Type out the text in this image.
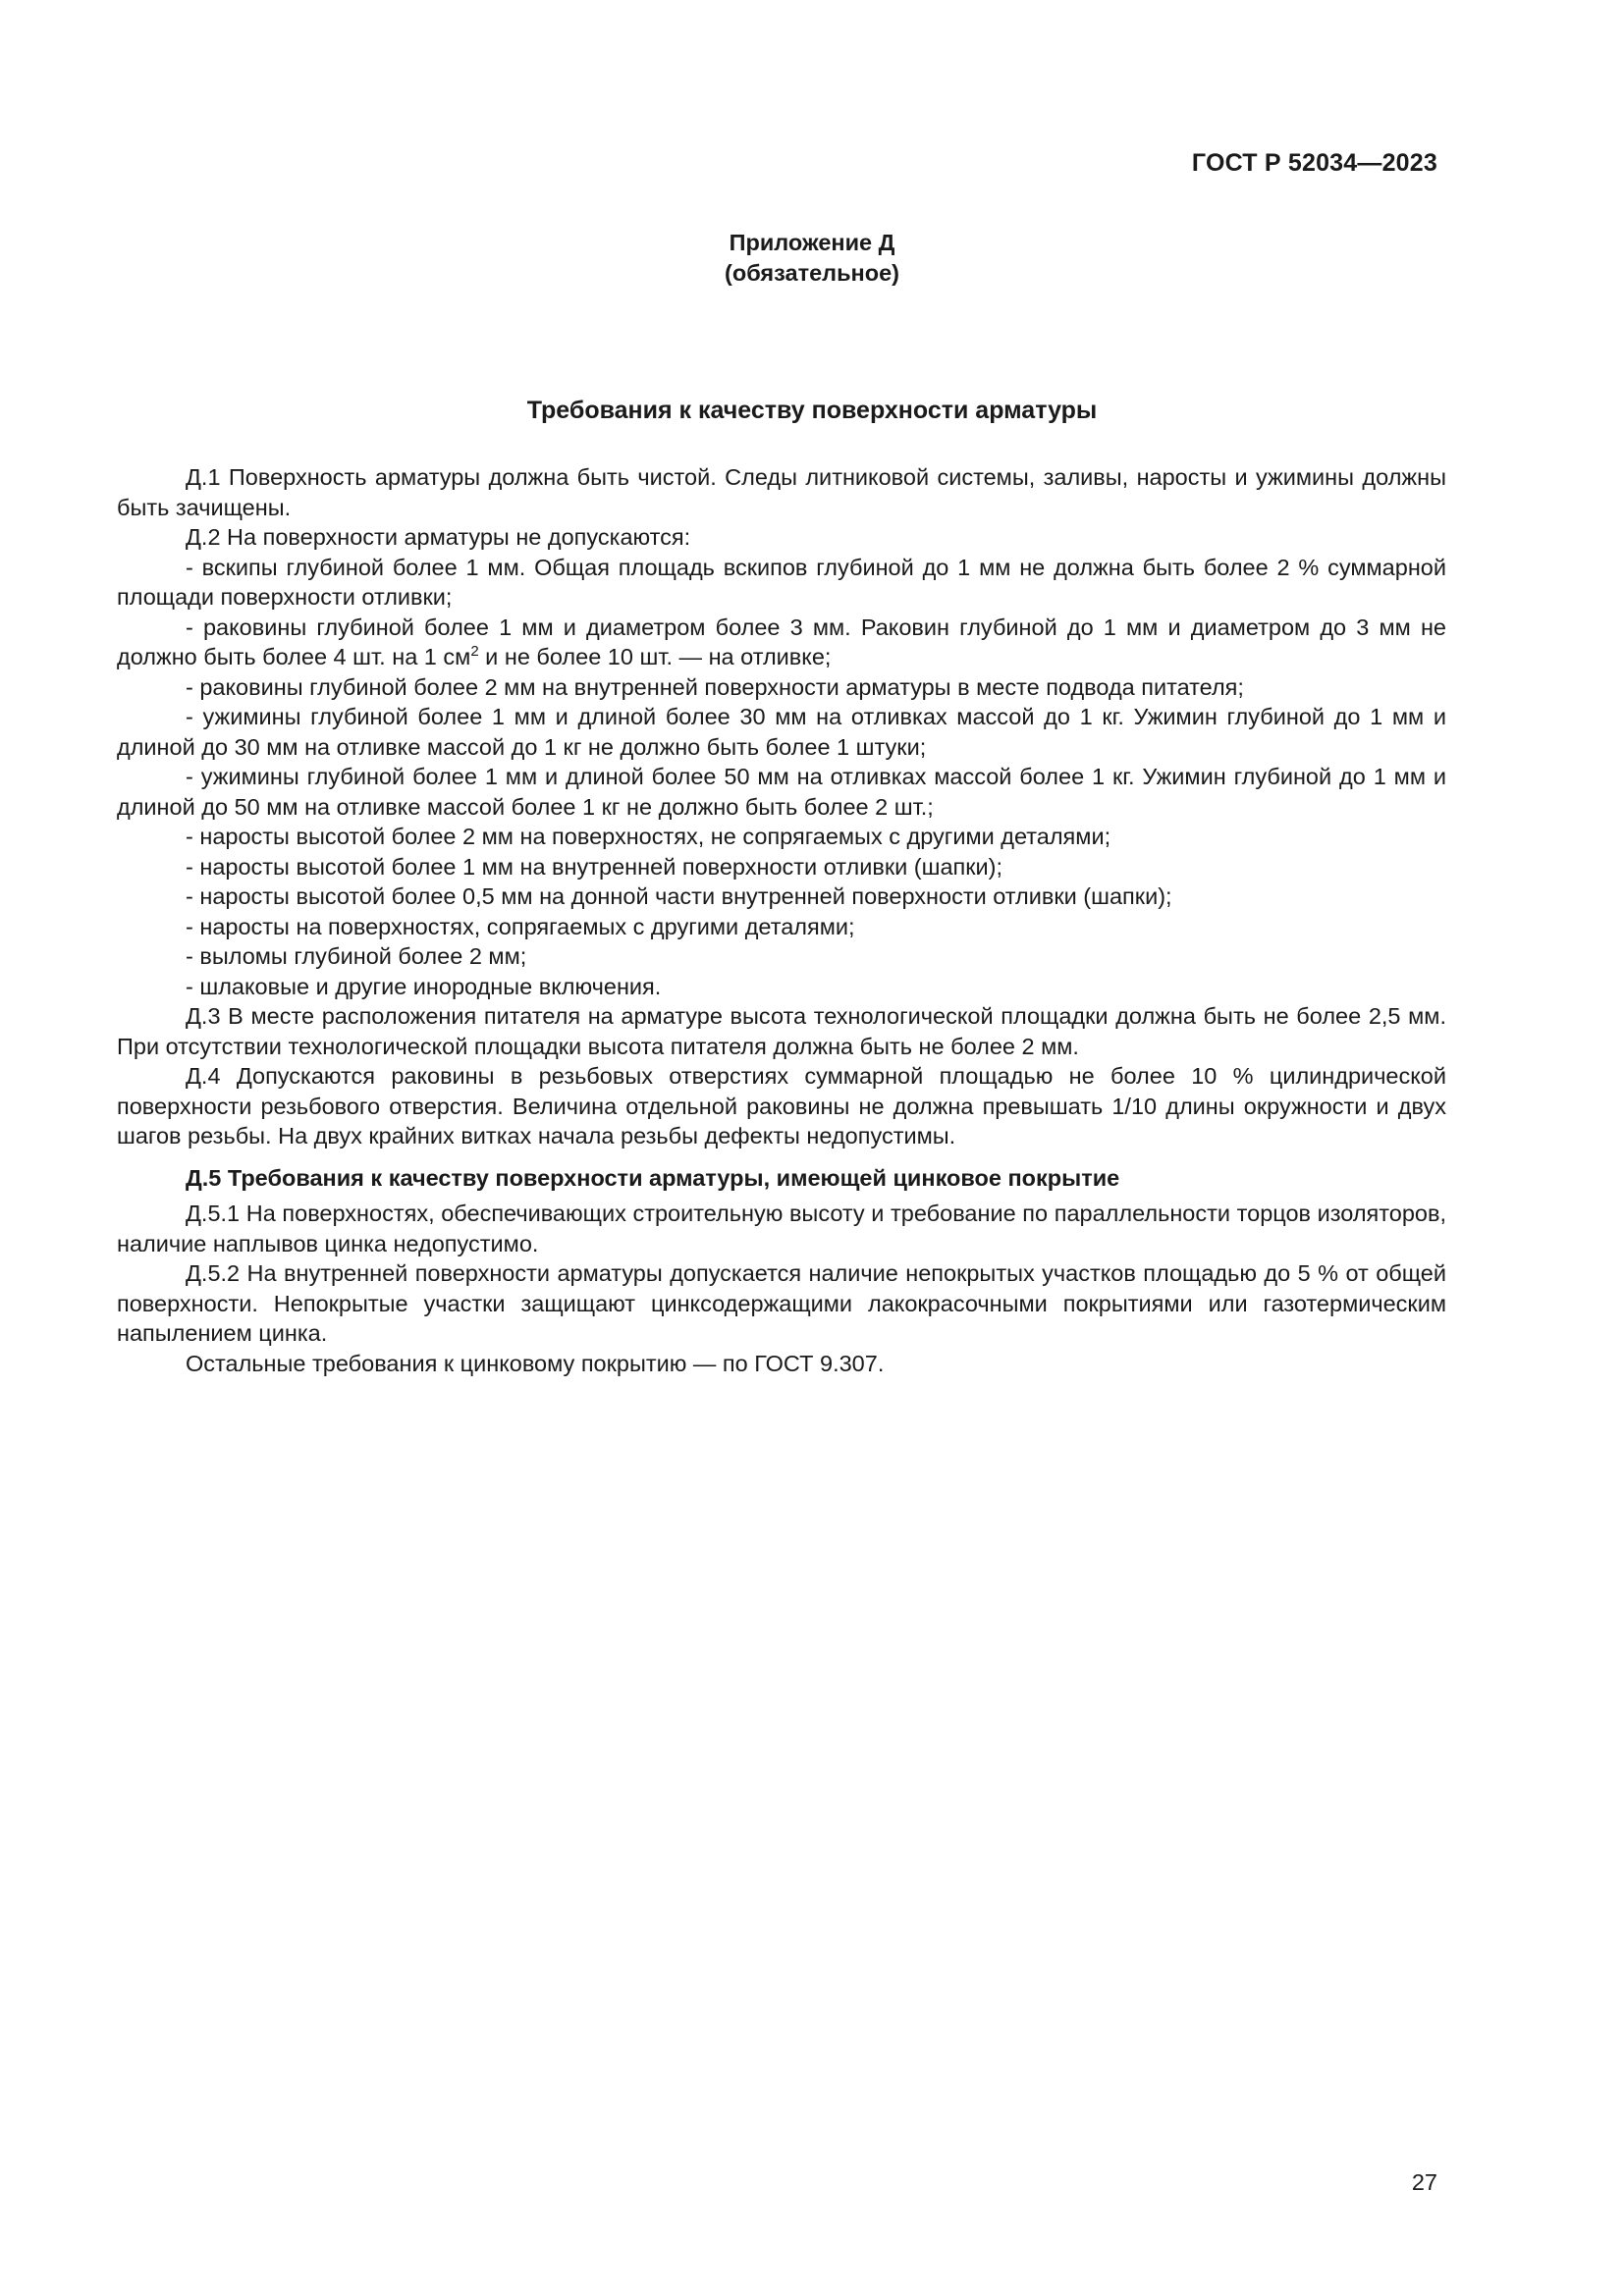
ГОСТ Р 52034—2023
Приложение Д
(обязательное)
Требования к качеству поверхности арматуры

Д.1 Поверхность арматуры должна быть чистой. Следы литниковой системы, заливы, наросты и ужимины должны быть зачищены.

Д.2 На поверхности арматуры не допускаются:

- вскипы глубиной более 1 мм. Общая площадь вскипов глубиной до 1 мм не должна быть более 2 % суммарной площади поверхности отливки;

- раковины глубиной более 1 мм и диаметром более 3 мм. Раковин глубиной до 1 мм и диаметром до 3 мм не должно быть более 4 шт. на 1 $см^2$ и не более 10 шт. — на отливке;

- раковины глубиной более 2 мм на внутренней поверхности арматуры в месте подвода питателя;

- ужимины глубиной более 1 мм и длиной более 30 мм на отливках массой до 1 кг. Ужимин глубиной до 1 мм и длиной до 30 мм на отливке массой до 1 кг не должно быть более 1 штуки;

- ужимины глубиной более 1 мм и длиной более 50 мм на отливках массой более 1 кг. Ужимин глубиной до 1 мм и длиной до 50 мм на отливке массой более 1 кг не должно быть более 2 шт.;

- наросты высотой более 2 мм на поверхностях, не сопрягаемых с другими деталями;

- наросты высотой более 1 мм на внутренней поверхности отливки (шапки);

- наросты высотой более 0,5 мм на донной части внутренней поверхности отливки (шапки);

- наросты на поверхностях, сопрягаемых с другими деталями;

- выломы глубиной более 2 мм;

- шлаковые и другие инородные включения.

Д.3 В месте расположения питателя на арматуре высота технологической площадки должна быть не более 2,5 мм. При отсутствии технологической площадки высота питателя должна быть не более 2 мм.

Д.4 Допускаются раковины в резьбовых отверстиях суммарной площадью не более 10 % цилиндрической поверхности резьбового отверстия. Величина отдельной раковины не должна превышать 1/10 длины окружности и двух шагов резьбы. На двух крайних витках начала резьбы дефекты недопустимы.

Д.5 Требования к качеству поверхности арматуры, имеющей цинковое покрытие

Д.5.1 На поверхностях, обеспечивающих строительную высоту и требование по параллельности торцов изоляторов, наличие наплывов цинка недопустимо.

Д.5.2 На внутренней поверхности арматуры допускается наличие непокрытых участков площадью до 5 % от общей поверхности. Непокрытые участки защищают цинксодержащими лакокрасочными покрытиями или газотермическим напылением цинка.

Остальные требования к цинковому покрытию — по ГОСТ 9.307.

27
